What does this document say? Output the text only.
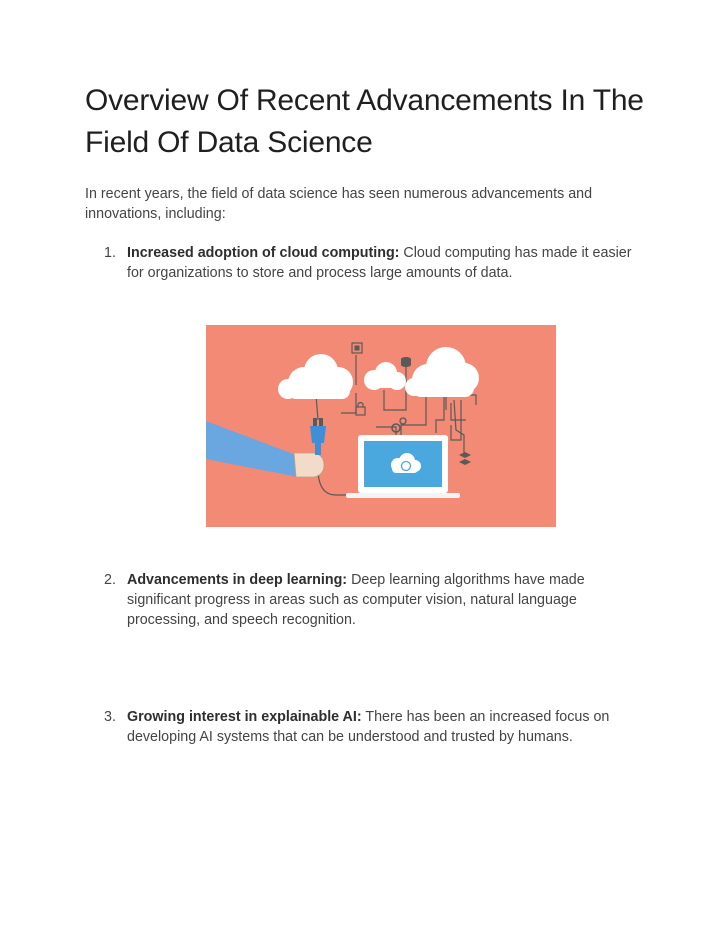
Overview Of Recent Advancements In The Field Of Data Science

In recent years, the field of data science has seen numerous advancements and innovations, including:

1. Increased adoption of cloud computing: Cloud computing has made it easier for organizations to store and process large amounts of data.
2. Advancements in deep learning: Deep learning algorithms have made significant progress in areas such as computer vision, natural language processing, and speech recognition.
3. Growing interest in explainable AI: There has been an increased focus on developing AI systems that can be understood and trusted by humans.
